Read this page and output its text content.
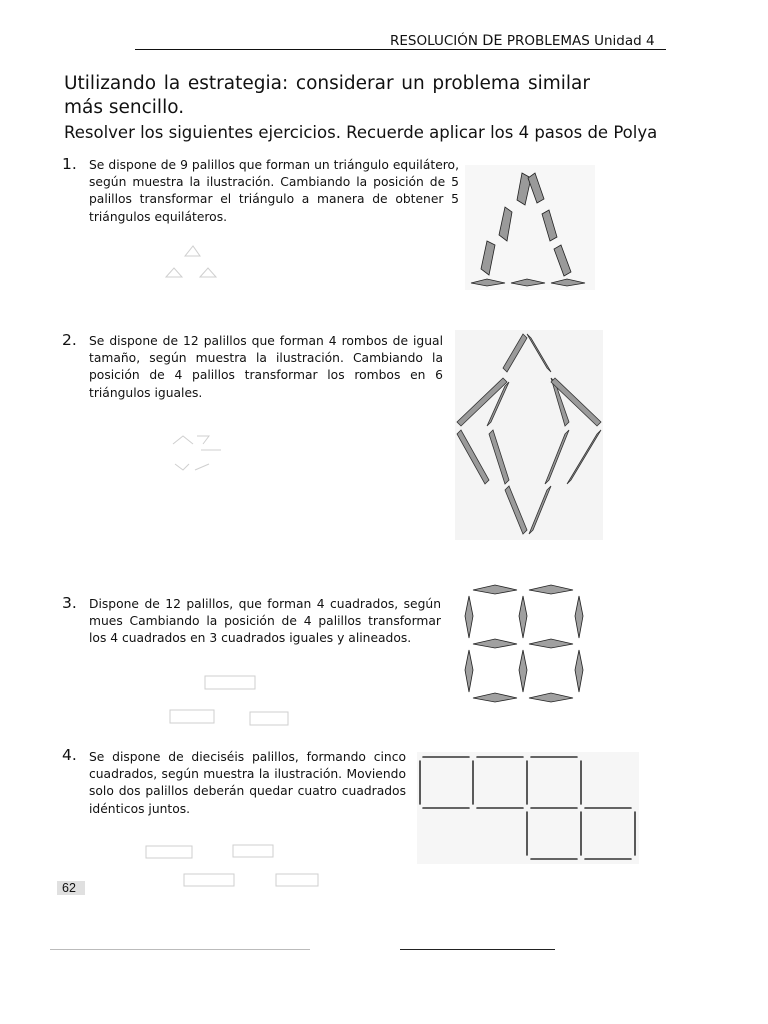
RESOLUCIÓN DE PROBLEMAS Unidad 4
Utilizando la estrategia: considerar un problema similar más sencillo.
Resolver los siguientes ejercicios. Recuerde aplicar los 4 pasos de Polya
1. Se dispone de 9 palillos que forman un triángulo equilátero, según muestra la ilustración. Cambiando la posición de 5 palillos transformar el triángulo a manera de obtener 5 triángulos equiláteros.
2. Se dispone de 12 palillos que forman 4 rombos de igual tamaño, según muestra la ilustración. Cambiando la posición de 4 palillos transformar los rombos en 6 triángulos iguales.
3. Dispone de 12 palillos, que forman 4 cuadrados, según mues Cambiando la posición de 4 palillos transformar los 4 cuadrados en 3 cuadrados iguales y alineados.
4. Se dispone de dieciséis palillos, formando cinco cuadrados, según muestra la ilustración. Moviendo solo dos palillos deberán quedar cuatro cuadrados idénticos juntos.
62
